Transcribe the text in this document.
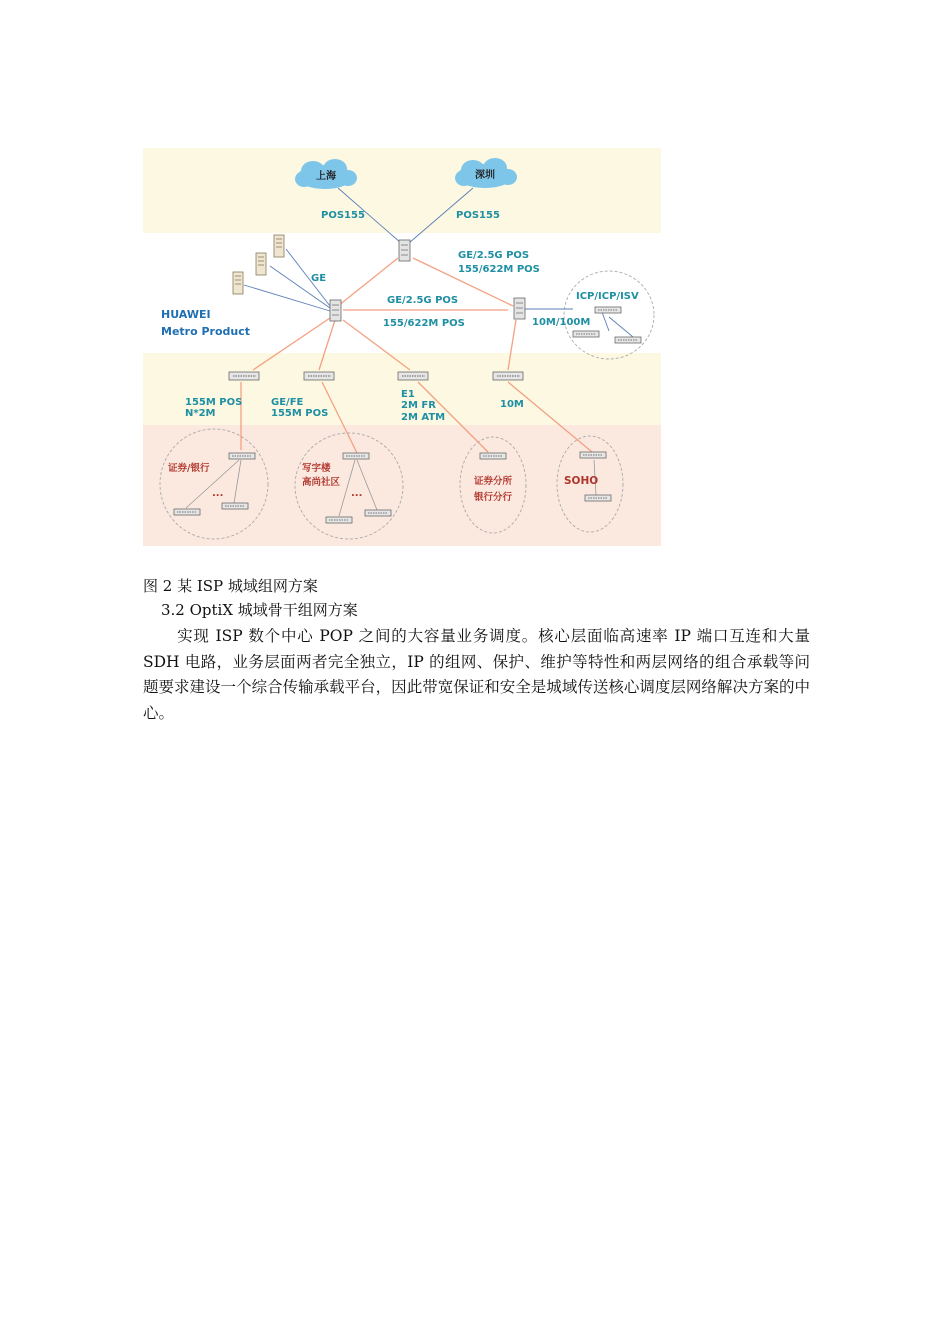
上海	深圳
POS155	POS155
GE/2.5G POS
155/622M POS
GE
GE/2.5G POS
155/622M POS
HUAWEI
Metro Product
ICP/ICP/ISV
10M/100M
155M POS
N*2M
GE/FE
155M POS
E1
2M FR
2M ATM
10M
证券/银行
...
写字楼
高尚社区
...
证券分所
银行分行
SOHO
图 2 某 ISP 城域组网方案
3.2 OptiX 城域骨干组网方案

实现 ISP 数个中心 POP 之间的大容量业务调度。核心层面临高速率 IP 端口互连和大量 SDH 电路，业务层面两者完全独立，IP 的组网、保护、维护等特性和两层网络的组合承载等问题要求建设一个综合传输承载平台，因此带宽保证和安全是城域传送核心调度层网络解决方案的中心。
